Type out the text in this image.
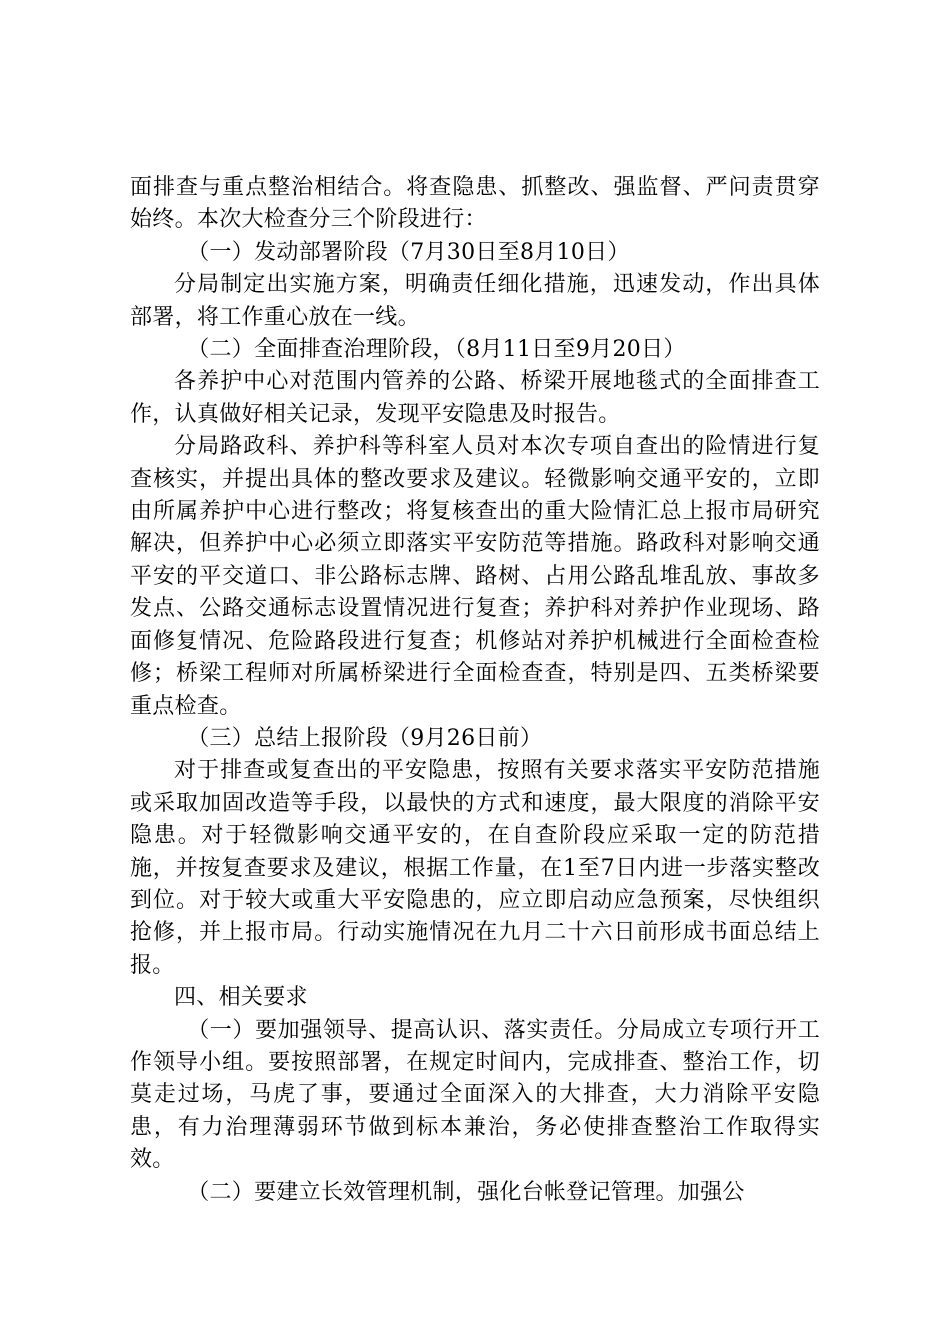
面排查与重点整治相结合。将查隐患、抓整改、强监督、严问责贯穿始终。本次大检查分三个阶段进行：

（一）发动部署阶段（7月30日至8月10日）

分局制定出实施方案，明确责任细化措施，迅速发动，作出具体部署，将工作重心放在一线。

（二）全面排查治理阶段，（8月11日至9月20日）

各养护中心对范围内管养的公路、桥梁开展地毯式的全面排查工作，认真做好相关记录，发现平安隐患及时报告。

分局路政科、养护科等科室人员对本次专项自查出的险情进行复查核实，并提出具体的整改要求及建议。轻微影响交通平安的，立即由所属养护中心进行整改；将复核查出的重大险情汇总上报市局研究解决，但养护中心必须立即落实平安防范等措施。路政科对影响交通平安的平交道口、非公路标志牌、路树、占用公路乱堆乱放、事故多发点、公路交通标志设置情况进行复查；养护科对养护作业现场、路面修复情况、危险路段进行复查；机修站对养护机械进行全面检查检修；桥梁工程师对所属桥梁进行全面检查查，特别是四、五类桥梁要重点检查。

（三）总结上报阶段（9月26日前）

对于排查或复查出的平安隐患，按照有关要求落实平安防范措施或采取加固改造等手段，以最快的方式和速度，最大限度的消除平安隐患。对于轻微影响交通平安的，在自查阶段应采取一定的防范措施，并按复查要求及建议，根据工作量，在1至7日内进一步落实整改到位。对于较大或重大平安隐患的，应立即启动应急预案，尽快组织抢修，并上报市局。行动实施情况在九月二十六日前形成书面总结上报。

四、相关要求

（一）要加强领导、提高认识、落实责任。分局成立专项行开工作领导小组。要按照部署，在规定时间内，完成排查、整治工作，切莫走过场，马虎了事，要通过全面深入的大排查，大力消除平安隐患，有力治理薄弱环节做到标本兼治，务必使排查整治工作取得实效。

（二）要建立长效管理机制，强化台帐登记管理。加强公
